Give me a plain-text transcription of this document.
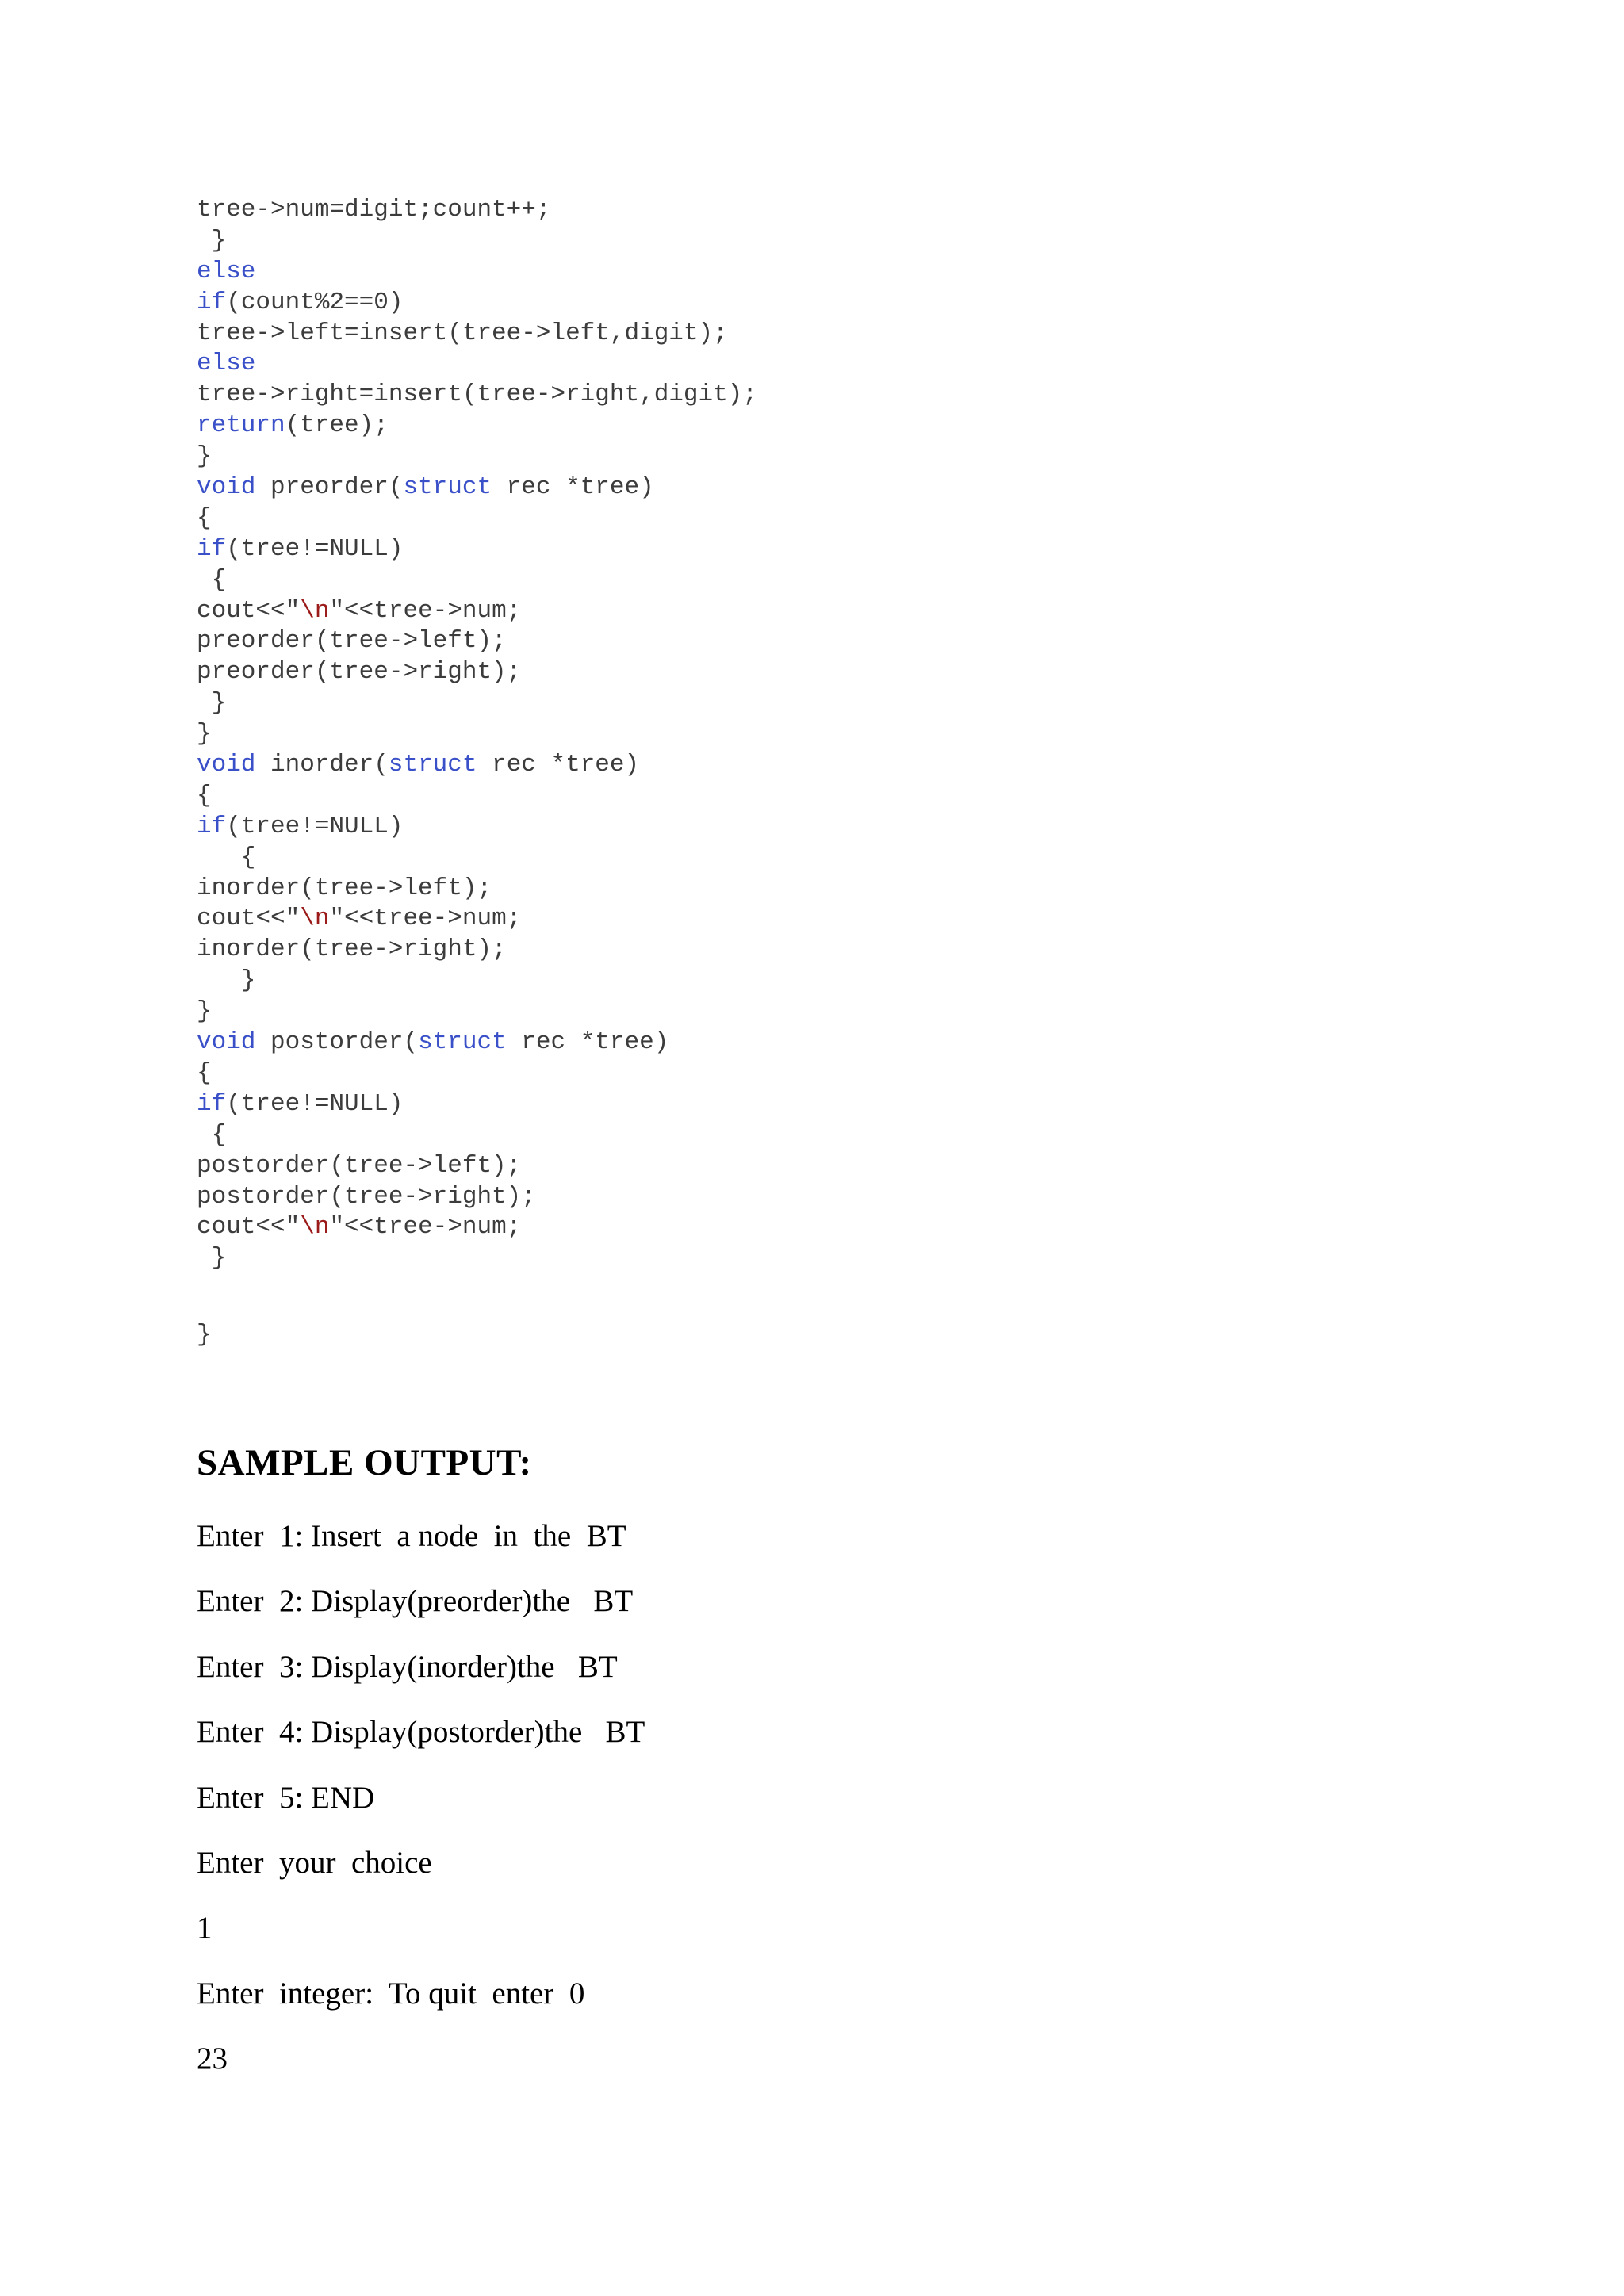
tree->num=digit;count++;
}
else
if(count%2==0)
tree->left=insert(tree->left,digit);
else
tree->right=insert(tree->right,digit);
return(tree);
}
void preorder(struct rec *tree)
{
if(tree!=NULL)
{
cout<<"\n"<<tree->num;
preorder(tree->left);
preorder(tree->right);
}
}
void inorder(struct rec *tree)
{
if(tree!=NULL)
{
inorder(tree->left);
cout<<"\n"<<tree->num;
inorder(tree->right);
}
}
void postorder(struct rec *tree)
{
if(tree!=NULL)
{
postorder(tree->left);
postorder(tree->right);
cout<<"\n"<<tree->num;
}
}
SAMPLE OUTPUT:
Enter  1: Insert  a node  in  the  BT
Enter  2: Display(preorder)the   BT
Enter  3: Display(inorder)the   BT
Enter  4: Display(postorder)the   BT
Enter  5: END
Enter  your  choice
1
Enter  integer:  To quit  enter  0
23
